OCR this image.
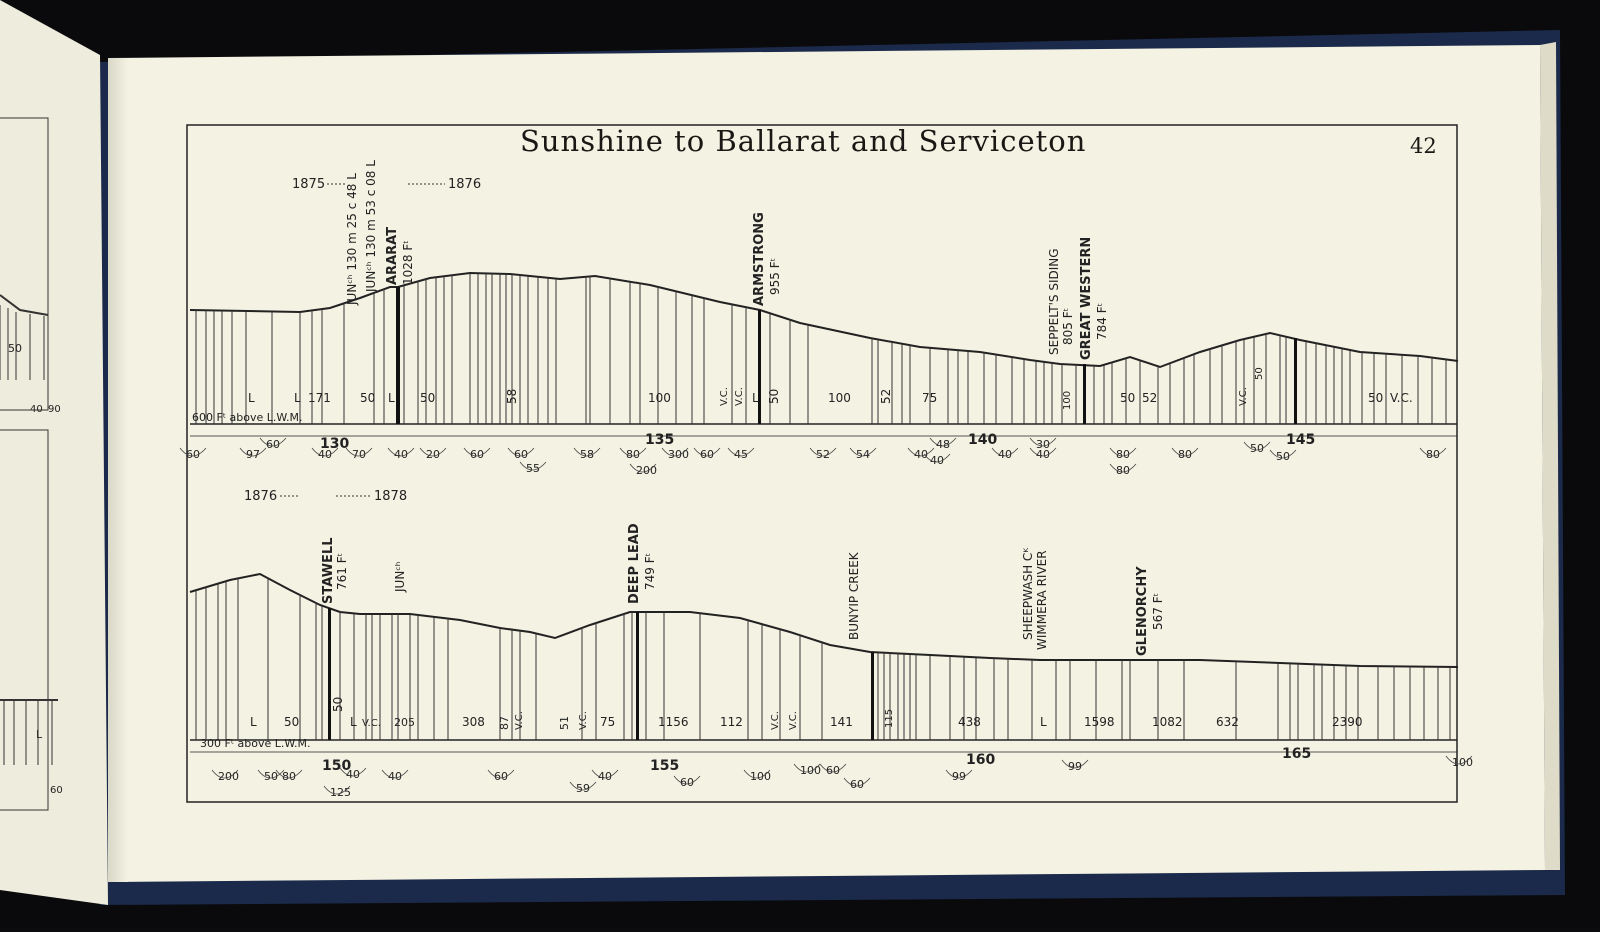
50
L
40 90
60
600 Fᵗ above L.W.M.
1875	1876
JUNᶜʰ 130 m 25 c 48 L JUNᶜʰ 130 m 53 c 08 L ARARAT 1028 Fᵗ	ARMSTRONG 955 Fᵗ	SEPPELT'S SIDING 805 Fᵗ GREAT WESTERN 784 Fᵗ
L	L 171 50 L 50	58	100	V.C. V.C. L 50	100 52 75	100	50 52	V.C.
50
50 V.C.
130	135	140	145
60	97
60
40 70	40 20	60	60
55
58	80
200
300 60 45	52 54	40
48
40	40 40
30
80
80
80	50
50	80
300 Fᵗ above L.W.M.
1876	1878
STAWELL 761 Fᵗ	JUNᶜʰ	DEEP LEAD 749 Fᵗ	BUNYIP CREEK	SHEEPWASH Cᴷ WIMMERA RIVER	GLENORCHY 567 Fᵗ
L 50
50
L V.C. 205	308 87 V.C.	51 V.C. 75	1156	112	V.C. V.C.	141	115	438	L	1598	1082	632	2390
150	155	160	165
200 50 80	40
125
40	60
59
40	60	100	100 60
60
99
99	100
Sunshine to Ballarat and Serviceton	42
